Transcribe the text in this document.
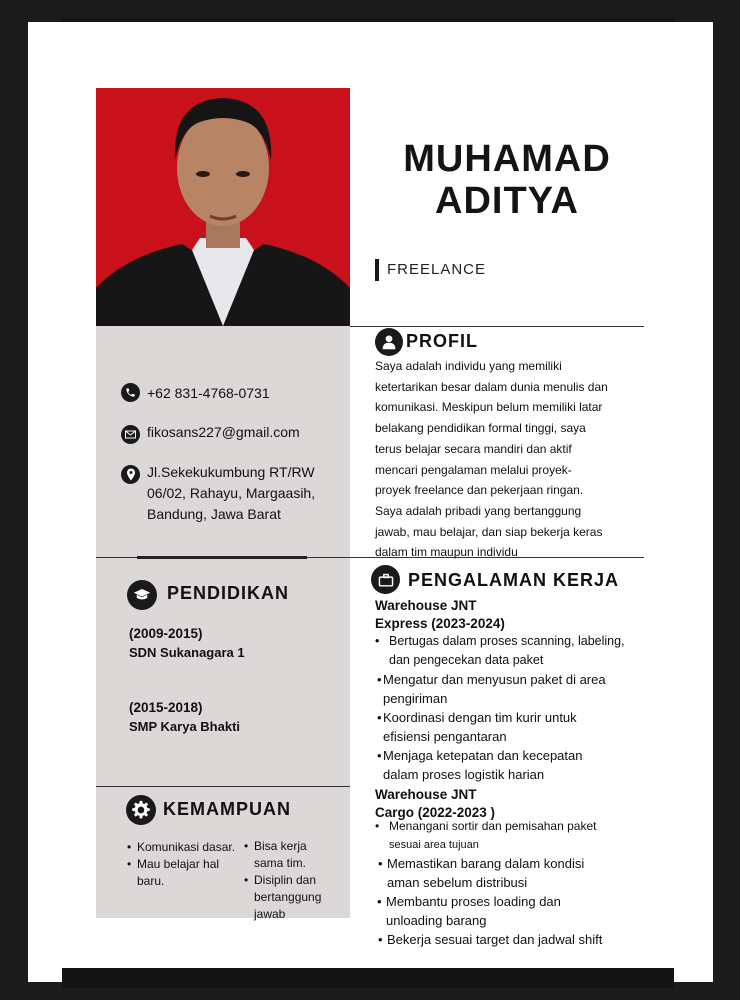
MUHAMAD
ADITYA
FREELANCE
+62 831-4768-0731
fikosans227@gmail.com
Jl.Sekekukumbung RT/RW
06/02, Rahayu, Margaasih,
Bandung, Jawa Barat
PROFIL
Saya adalah individu yang memiliki
ketertarikan besar dalam dunia menulis dan
komunikasi. Meskipun belum memiliki latar
belakang pendidikan formal tinggi, saya
terus belajar secara mandiri dan aktif
mencari pengalaman melalui proyek-
proyek freelance dan pekerjaan ringan.
Saya adalah pribadi yang bertanggung
jawab, mau belajar, dan siap bekerja keras
dalam tim maupun individu
PENDIDIKAN
(2009-2015)
SDN Sukanagara 1
(2015-2018)
SMP Karya Bhakti
PENGALAMAN KERJA
Warehouse JNT
Express (2023-2024)
• Bertugas dalam proses scanning, labeling,
dan pengecekan data paket
• Mengatur dan menyusun paket di area
pengiriman
• Koordinasi dengan tim kurir untuk
efisiensi pengantaran
• Menjaga ketepatan dan kecepatan
dalam proses logistik harian
Warehouse JNT
Cargo (2022-2023 )
• Menangani sortir dan pemisahan paket
sesuai area tujuan
• Memastikan barang dalam kondisi
aman sebelum distribusi
• Membantu proses loading dan
unloading barang
• Bekerja sesuai target dan jadwal shift
KEMAMPUAN
• Komunikasi dasar.
• Mau belajar hal
baru.
• Bisa kerja
sama tim.
• Disiplin dan
bertanggung
jawab
